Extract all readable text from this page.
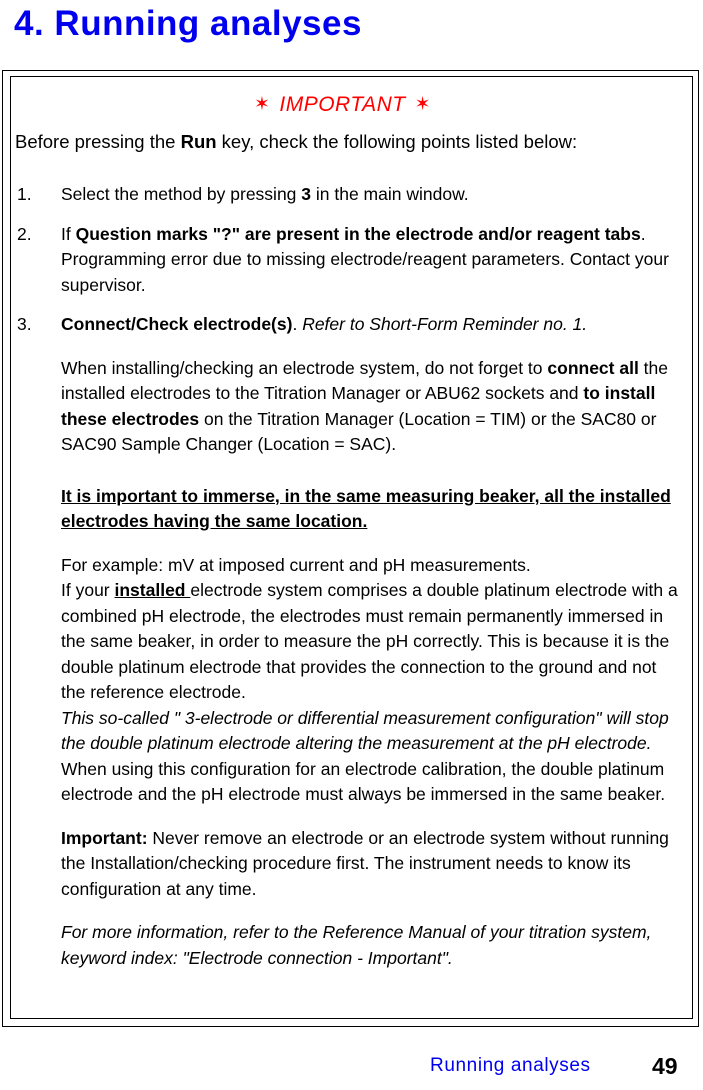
4. Running analyses
✶ IMPORTANT ✶
Before pressing the Run key, check the following points listed below:
1. Select the method by pressing 3 in the main window.
2. If Question marks "?" are present in the electrode and/or reagent tabs. Programming error due to missing electrode/reagent parameters. Contact your supervisor.
3. Connect/Check electrode(s). Refer to Short-Form Reminder no. 1.
When installing/checking an electrode system, do not forget to connect all the installed electrodes to the Titration Manager or ABU62 sockets and to install these electrodes on the Titration Manager (Location = TIM) or the SAC80 or SAC90 Sample Changer (Location = SAC).
It is important to immerse, in the same measuring beaker, all the installed electrodes having the same location.
For example: mV at imposed current and pH measurements.
If your installed electrode system comprises a double platinum electrode with a combined pH electrode, the electrodes must remain permanently immersed in the same beaker, in order to measure the pH correctly. This is because it is the double platinum electrode that provides the connection to the ground and not the reference electrode.
This so-called " 3-electrode or differential measurement configuration" will stop the double platinum electrode altering the measurement at the pH electrode.
When using this configuration for an electrode calibration, the double platinum electrode and the pH electrode must always be immersed in the same beaker.
Important: Never remove an electrode or an electrode system without running the Installation/checking procedure first. The instrument needs to know its configuration at any time.
For more information, refer to the Reference Manual of your titration system, keyword index: "Electrode connection - Important".
Running analyses	49
